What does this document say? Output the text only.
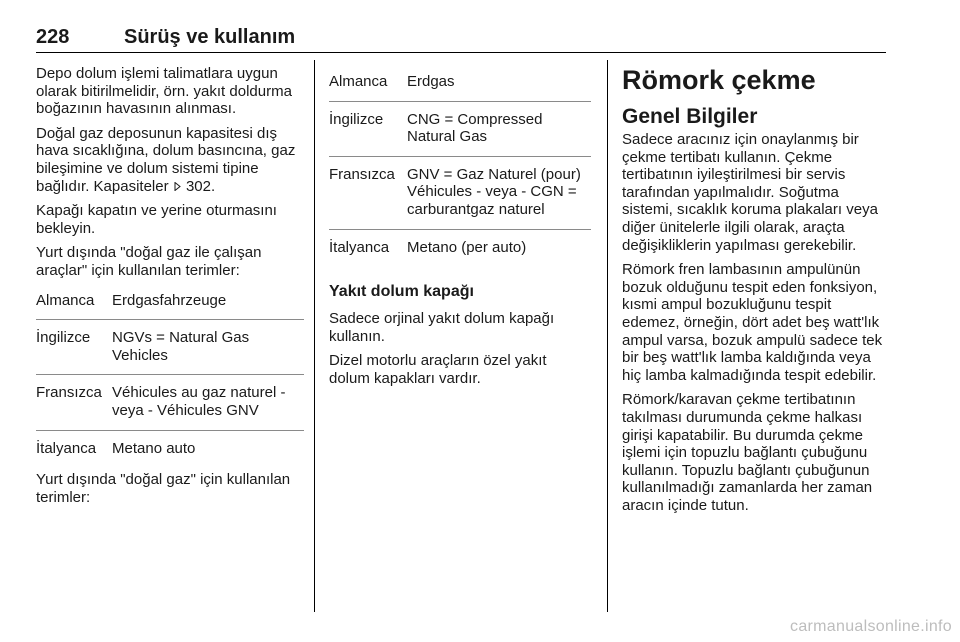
228	Sürüş ve kullanım

Depo dolum işlemi talimatlara uygun olarak bitirilmelidir, örn. yakıt doldurma boğazının havasının alınması.

Doğal gaz deposunun kapasitesi dış hava sıcaklığına, dolum basıncına, gaz bileşimine ve dolum sistemi tipine bağlıdır. Kapasiteler 302.

Kapağı kapatın ve yerine oturmasını bekleyin.

Yurt dışında "doğal gaz ile çalışan araçlar" için kullanılan terimler:

Almanca Erdgasfahrzeuge
İngilizce NGVs = Natural Gas Vehicles
Fransızca Véhicules au gaz naturel - veya - Véhicules GNV
İtalyanca Metano auto

Yurt dışında "doğal gaz" için kullanılan terimler:

Almanca Erdgas
İngilizce CNG = Compressed Natural Gas
Fransızca GNV = Gaz Naturel (pour) Véhicules - veya - CGN = carburantgaz naturel
İtalyanca Metano (per auto)
Yakıt dolum kapağı

Sadece orjinal yakıt dolum kapağı kullanın.

Dizel motorlu araçların özel yakıt dolum kapakları vardır.

Römork çekme
Genel Bilgiler

Sadece aracınız için onaylanmış bir çekme tertibatı kullanın. Çekme tertibatının iyileştirilmesi bir servis tarafından yapılmalıdır. Soğutma sistemi, sıcaklık koruma plakaları veya diğer ünitelerle ilgili olarak, araçta değişikliklerin yapılması gerekebilir.

Römork fren lambasının ampulünün bozuk olduğunu tespit eden fonksiyon, kısmi ampul bozukluğunu tespit edemez, örneğin, dört adet beş watt'lık ampul varsa, bozuk ampulü sadece tek bir beş watt'lık lamba kaldığında veya hiç lamba kalmadığında tespit edebilir.

Römork/karavan çekme tertibatının takılması durumunda çekme halkası girişi kapatabilir. Bu durumda çekme işlemi için topuzlu bağlantı çubuğunu kullanın. Topuzlu bağlantı çubuğunun kullanılmadığı zamanlarda her zaman aracın içinde tutun.

carmanualsonline.info
